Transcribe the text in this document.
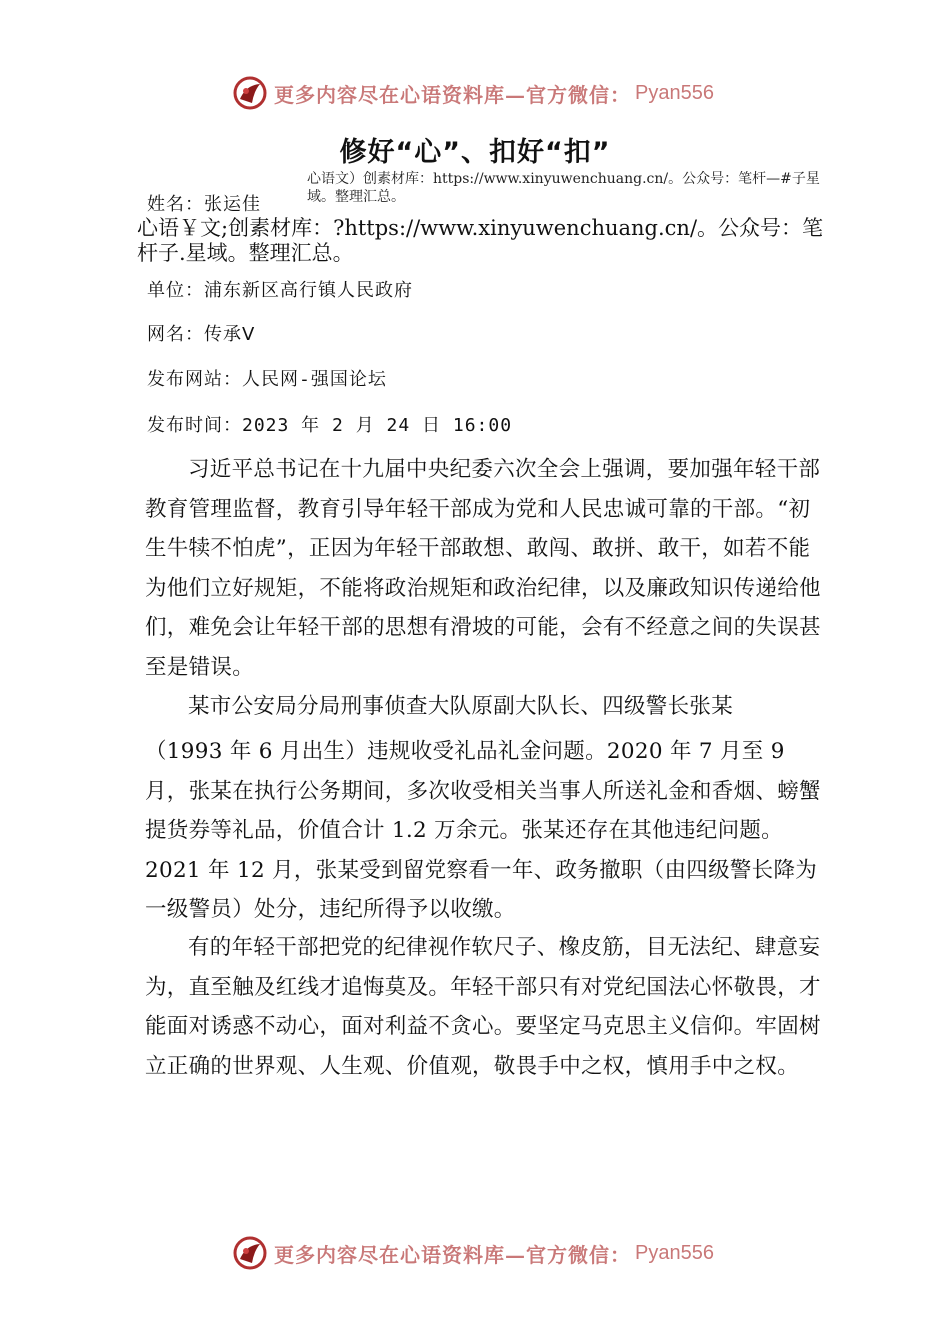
更多内容尽在心语资料库—官方微信： Pyan556
修好“心”、扣好“扣”
心语文）创素材库：https://www.xinyuwenchuang.cn/。公众号：笔杆—#子星域。整理汇总。
姓名：张运佳
心语￥文;创素材库：?https://www.xinyuwenchuang.cn/。公众号：笔杆子.星域。整理汇总。
单位：浦东新区高行镇人民政府
网名：传承Ⅴ
发布网站：人民网-强国论坛
发布时间：2023 年 2 月 24 日 16:00
习近平总书记在十九届中央纪委六次全会上强调，要加强年轻干部教育管理监督，教育引导年轻干部成为党和人民忠诚可靠的干部。“初生牛犊不怕虎”，正因为年轻干部敢想、敢闯、敢拼、敢干，如若不能为他们立好规矩，不能将政治规矩和政治纪律，以及廉政知识传递给他们，难免会让年轻干部的思想有滑坡的可能，会有不经意之间的失误甚至是错误。
某市公安局分局刑事侦查大队原副大队长、四级警长张某
（1993 年 6 月出生）违规收受礼品礼金问题。2020 年 7 月至 9 月，张某在执行公务期间，多次收受相关当事人所送礼金和香烟、螃蟹提货券等礼品，价值合计 1.2 万余元。张某还存在其他违纪问题。2021 年 12 月，张某受到留党察看一年、政务撤职（由四级警长降为一级警员）处分，违纪所得予以收缴。
有的年轻干部把党的纪律视作软尺子、橡皮筋，目无法纪、肆意妄为，直至触及红线才追悔莫及。年轻干部只有对党纪国法心怀敬畏，才能面对诱惑不动心，面对利益不贪心。要坚定马克思主义信仰。牢固树立正确的世界观、人生观、价值观，敬畏手中之权，慎用手中之权。
更多内容尽在心语资料库—官方微信： Pyan556
